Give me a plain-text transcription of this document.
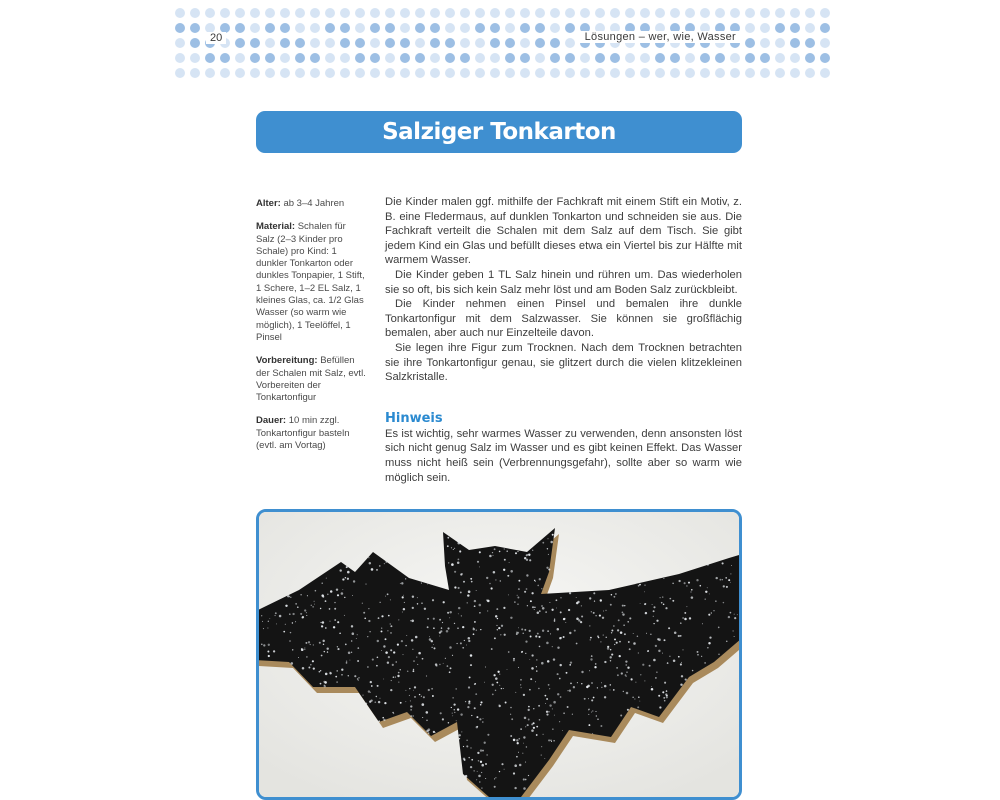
20	Lösungen – wer, wie, Wasser
Salziger Tonkarton

Alter: ab 3–4 Jahren

Material: Schalen für Salz (2–3 Kinder pro Schale) pro Kind: 1 dunkler Tonkarton oder dunkles Tonpapier, 1 Stift, 1 Schere, 1–2 EL Salz, 1 kleines Glas, ca. 1/2 Glas Wasser (so warm wie möglich), 1 Teelöffel, 1 Pinsel

Vorbereitung: Befüllen der Schalen mit Salz, evtl. Vorbereiten der Tonkartonfigur

Dauer: 10 min zzgl. Tonkartonfigur basteln (evtl. am Vortag)

Die Kinder malen ggf. mithilfe der Fachkraft mit einem Stift ein Motiv, z. B. eine Fledermaus, auf dunklen Tonkarton und schneiden sie aus. Die Fachkraft verteilt die Schalen mit dem Salz auf dem Tisch. Sie gibt jedem Kind ein Glas und befüllt dieses etwa ein Viertel bis zur Hälfte mit warmem Wasser.

Die Kinder geben 1 TL Salz hinein und rühren um. Das wiederholen sie so oft, bis sich kein Salz mehr löst und am Boden Salz zurückbleibt.

Die Kinder nehmen einen Pinsel und bemalen ihre dunkle Tonkartonfigur mit dem Salzwasser. Sie können sie großflächig bemalen, aber auch nur Einzelteile davon.

Sie legen ihre Figur zum Trocknen. Nach dem Trocknen betrachten sie ihre Tonkartonfigur genau, sie glitzert durch die vielen klitzekleinen Salzkristalle.

Hinweis

Es ist wichtig, sehr warmes Wasser zu verwenden, denn ansonsten löst sich nicht genug Salz im Wasser und es gibt keinen Effekt. Das Wasser muss nicht heiß sein (Verbrennungsgefahr), sollte aber so warm wie möglich sein.
